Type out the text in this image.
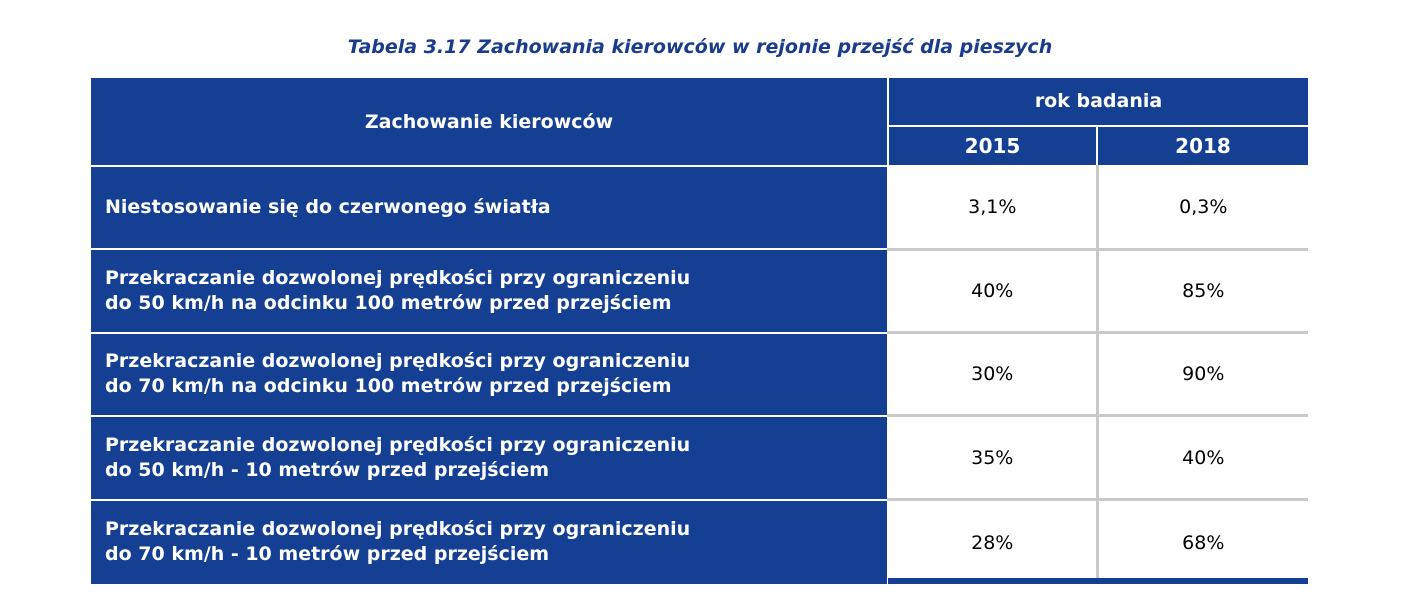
Tabela 3.17 Zachowania kierowców w rejonie przejść dla pieszych
Zachowanie kierowców	rok badania	
	2015	2018

Niestosowanie się do czerwonego światła	3,1%	0,3%

Przekraczanie dozwolonej prędkości przy ograniczeniu
do 50 km/h na odcinku 100 metrów przed przejściem	40%	85%

Przekraczanie dozwolonej prędkości przy ograniczeniu
do 70 km/h na odcinku 100 metrów przed przejściem	30%	90%

Przekraczanie dozwolonej prędkości przy ograniczeniu
do 50 km/h - 10 metrów przed przejściem	35%	40%

Przekraczanie dozwolonej prędkości przy ograniczeniu
do 70 km/h - 10 metrów przed przejściem	28%	68%
